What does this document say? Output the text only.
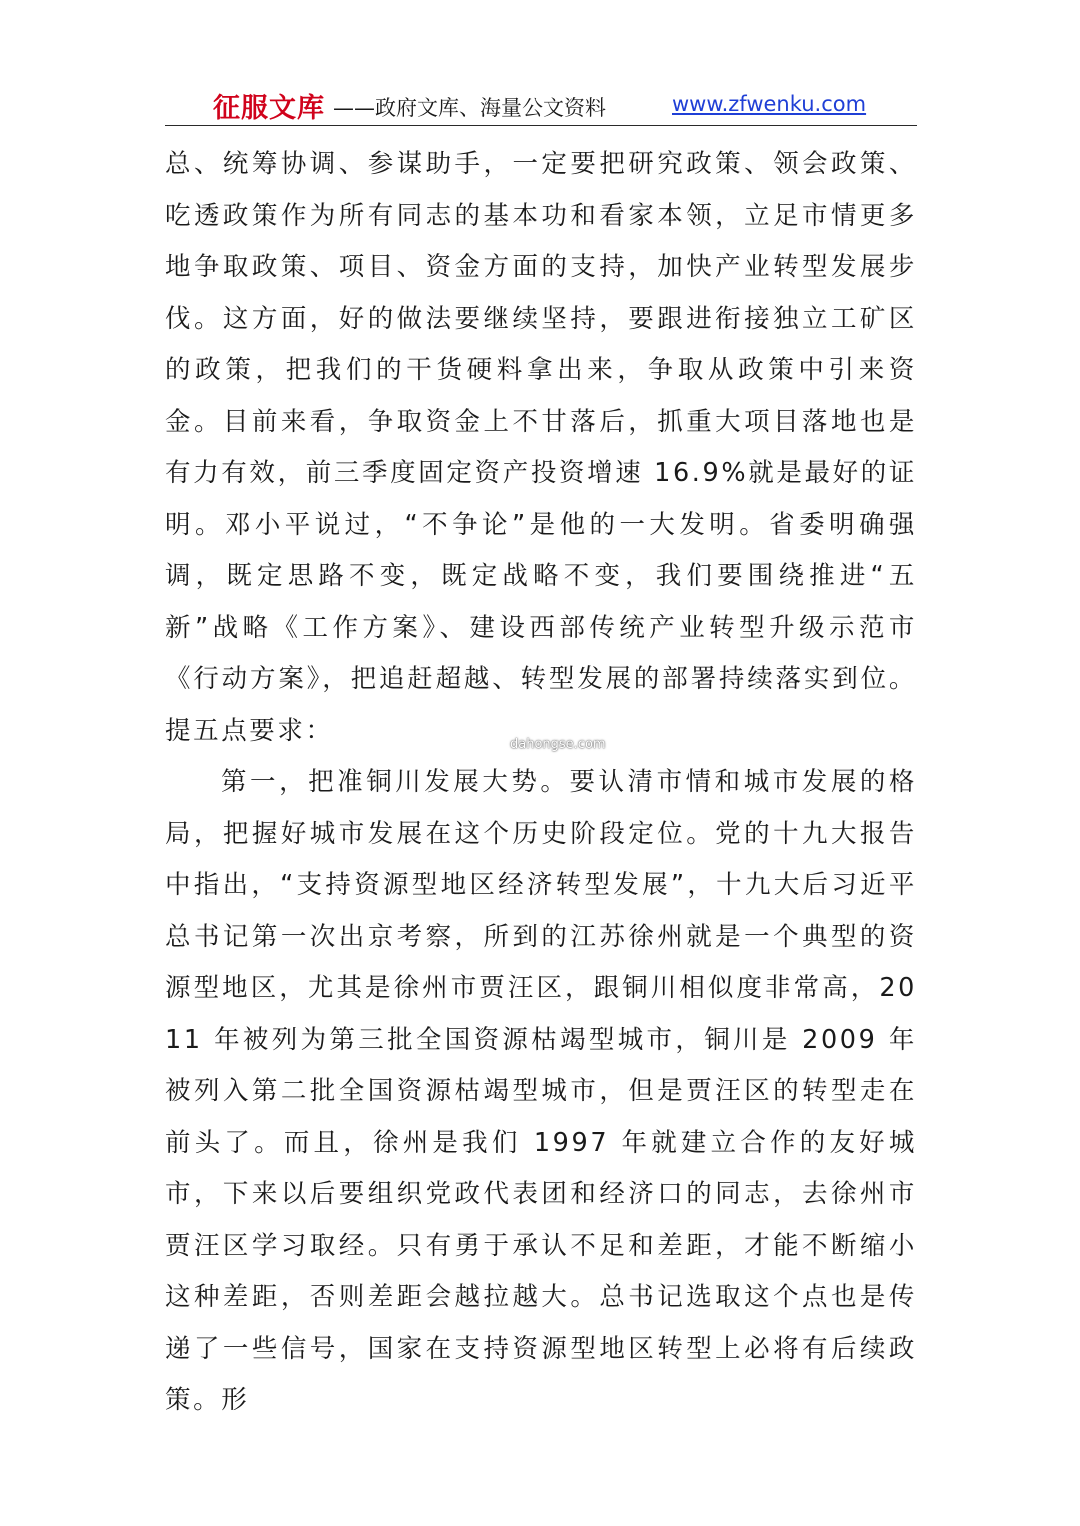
征服文库 ——政府文库、海量公文资料	www.zfwenku.com

总、统筹协调、参谋助手，一定要把研究政策、领会政策、吃透政策作为所有同志的基本功和看家本领，立足市情更多地争取政策、项目、资金方面的支持，加快产业转型发展步伐。这方面，好的做法要继续坚持，要跟进衔接独立工矿区的政策，把我们的干货硬料拿出来，争取从政策中引来资金。目前来看，争取资金上不甘落后，抓重大项目落地也是有力有效，前三季度固定资产投资增速 16.9%就是最好的证明。邓小平说过，“不争论”是他的一大发明。省委明确强调，既定思路不变，既定战略不变，我们要围绕推进“五新”战略《工作方案》、建设西部传统产业转型升级示范市《行动方案》，把追赶超越、转型发展的部署持续落实到位。提五点要求：

第一，把准铜川发展大势。要认清市情和城市发展的格局，把握好城市发展在这个历史阶段定位。党的十九大报告中指出，“支持资源型地区经济转型发展”，十九大后习近平总书记第一次出京考察，所到的江苏徐州就是一个典型的资源型地区，尤其是徐州市贾汪区，跟铜川相似度非常高，2011 年被列为第三批全国资源枯竭型城市，铜川是 2009 年被列入第二批全国资源枯竭型城市，但是贾汪区的转型走在前头了。而且，徐州是我们 1997 年就建立合作的友好城市，下来以后要组织党政代表团和经济口的同志，去徐州市贾汪区学习取经。只有勇于承认不足和差距，才能不断缩小这种差距，否则差距会越拉越大。总书记选取这个点也是传递了一些信号，国家在支持资源型地区转型上必将有后续政策。形

dahongse.com
